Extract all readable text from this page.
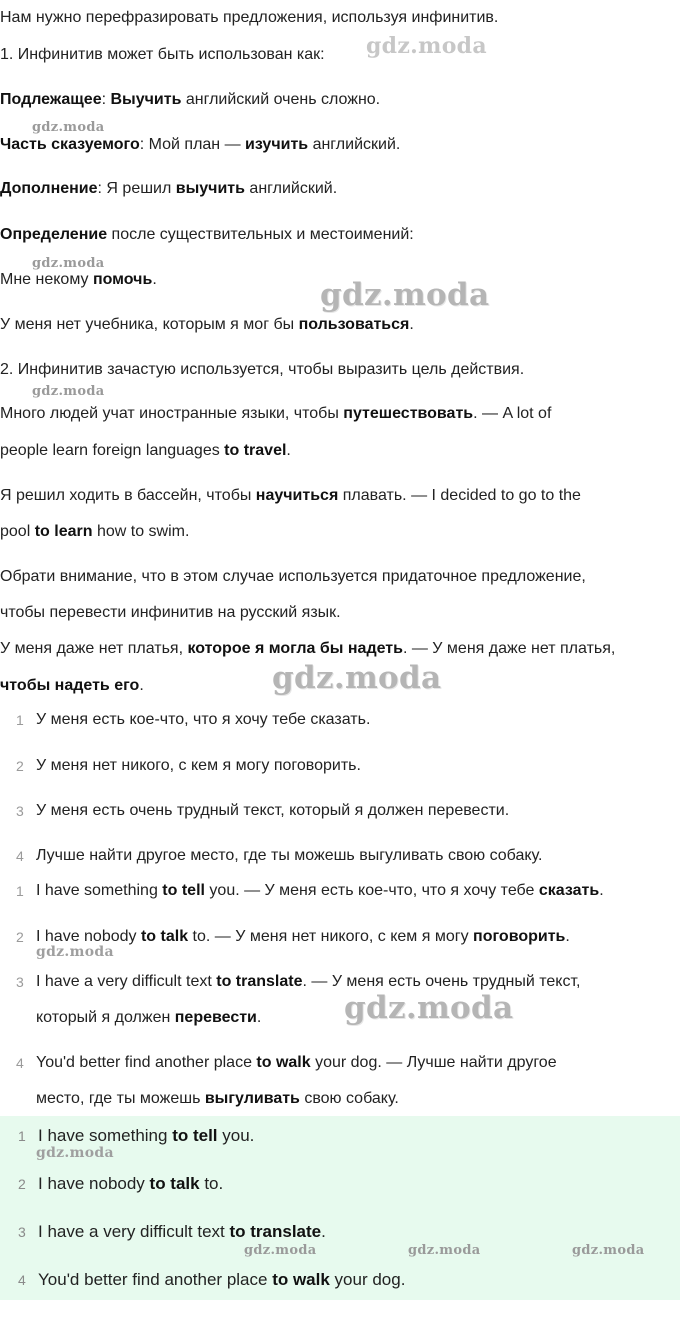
Нам нужно перефразировать предложения, используя инфинитив.
1. Инфинитив может быть использован как:
Подлежащее: Выучить английский очень сложно.
Часть сказуемого: Мой план — изучить английский.
Дополнение: Я решил выучить английский.
Определение после существительных и местоимений:
Мне некому помочь.
У меня нет учебника, которым я мог бы пользоваться.
2. Инфинитив зачастую используется, чтобы выразить цель действия.
Много людей учат иностранные языки, чтобы путешествовать. — A lot of
people learn foreign languages to travel.
Я решил ходить в бассейн, чтобы научиться плавать. — I decided to go to the
pool to learn how to swim.
Обрати внимание, что в этом случае используется придаточное предложение,
чтобы перевести инфинитив на русский язык.
У меня даже нет платья, которое я могла бы надеть. — У меня даже нет платья,
чтобы надеть его.
1 У меня есть кое-что, что я хочу тебе сказать.
2 У меня нет никого, с кем я могу поговорить.
3 У меня есть очень трудный текст, который я должен перевести.
4 Лучше найти другое место, где ты можешь выгуливать свою собаку.
1 I have something to tell you. — У меня есть кое-что, что я хочу тебе сказать.
2 I have nobody to talk to. — У меня нет никого, с кем я могу поговорить.
3 I have a very difficult text to translate. — У меня есть очень трудный текст,
который я должен перевести.
4 You'd better find another place to walk your dog. — Лучше найти другое
место, где ты можешь выгуливать свою собаку.
1 I have something to tell you.
2 I have nobody to talk to.
3 I have a very difficult text to translate.
4 You'd better find another place to walk your dog.
gdz.moda
gdz.moda
gdz.moda
gdz.moda
gdz.moda
gdz.moda
gdz.moda
gdz.moda
gdz.moda
gdz.moda	gdz.moda	gdz.moda
